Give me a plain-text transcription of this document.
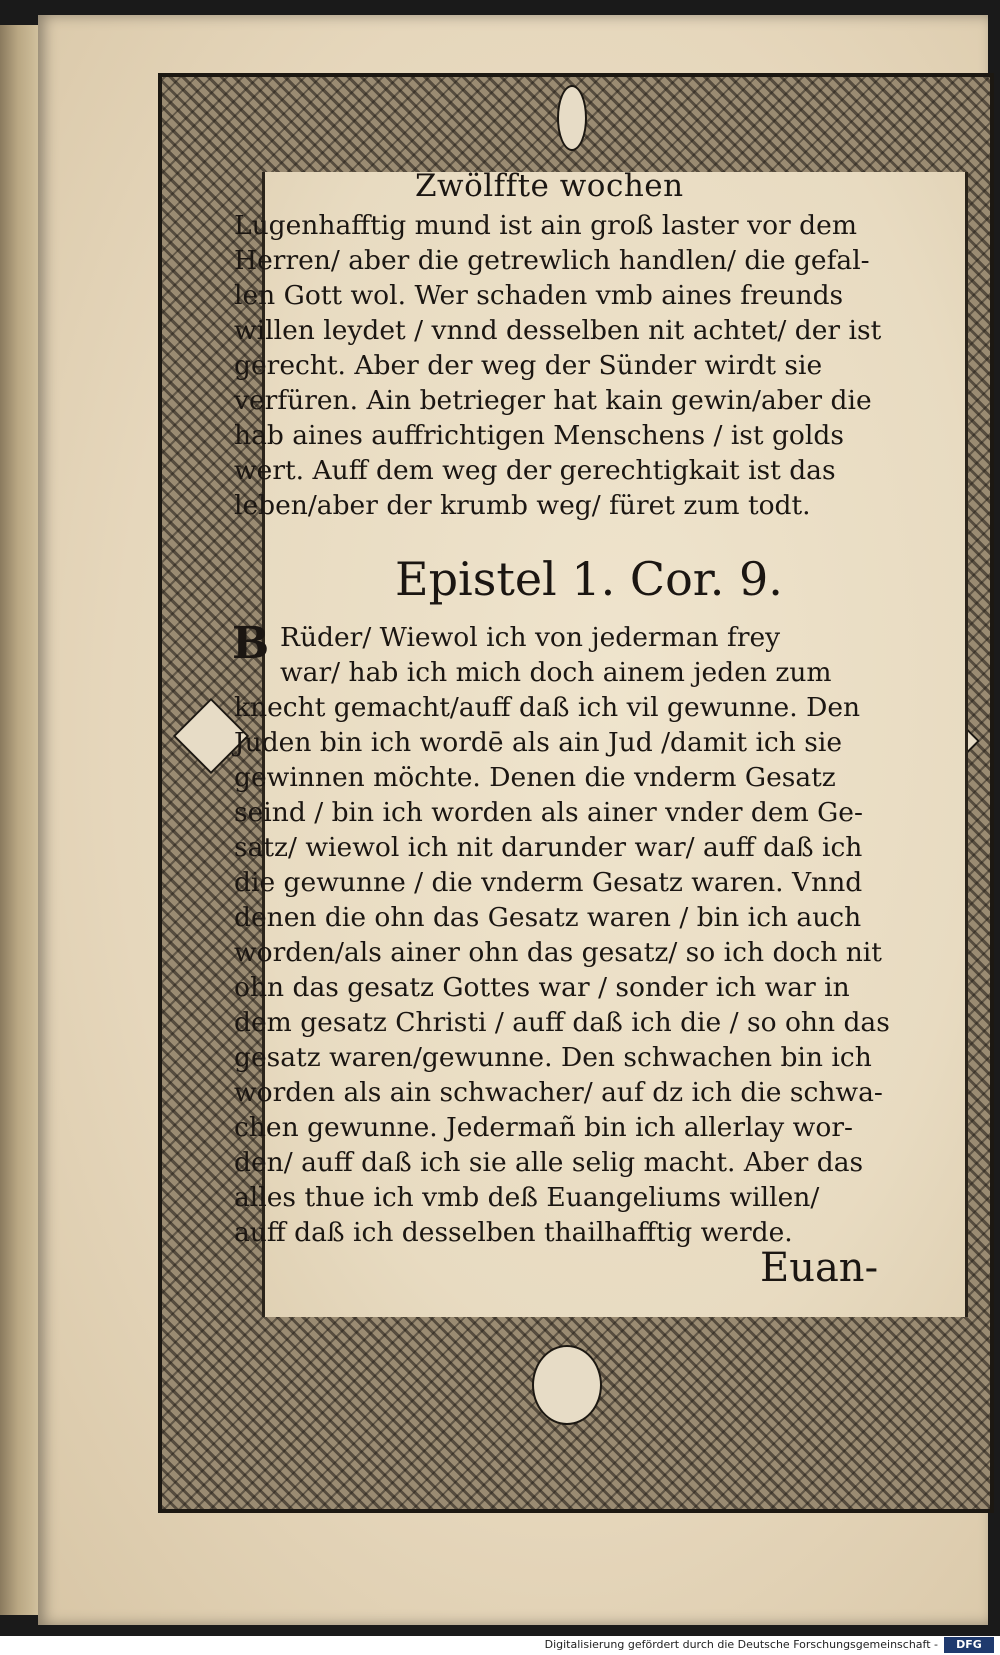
Zwölffte wochen
Lugenhafftig mund ist ain groß laster vor dem
Herren/ aber die getrewlich handlen/ die gefal-
len Gott wol. Wer schaden vmb aines freunds
willen leydet / vnnd desselben nit achtet/ der ist
gerecht. Aber der weg der Sünder wirdt sie
verfüren. Ain betrieger hat kain gewin/aber die
hab aines auffrichtigen Menschens / ist golds
wert. Auff dem weg der gerechtigkait ist das
leben/aber der krumb weg/ füret zum todt.
Epistel 1. Cor. 9.
B Rüder/ Wiewol ich von jederman frey
war/ hab ich mich doch ainem jeden zum
knecht gemacht/auff daß ich vil gewunne. Den
Juden bin ich wordē als ain Jud /damit ich sie
gewinnen möchte. Denen die vnderm Gesatz
seind / bin ich worden als ainer vnder dem Ge-
satz/ wiewol ich nit darunder war/ auff daß ich
die gewunne / die vnderm Gesatz waren. Vnnd
denen die ohn das Gesatz waren / bin ich auch
worden/als ainer ohn das gesatz/ so ich doch nit
ohn das gesatz Gottes war / sonder ich war in
dem gesatz Christi / auff daß ich die / so ohn das
gesatz waren/gewunne. Den schwachen bin ich
worden als ain schwacher/ auf dz ich die schwa-
chen gewunne. Jedermañ bin ich allerlay wor-
den/ auff daß ich sie alle selig macht. Aber das
alles thue ich vmb deß Euangeliums willen/
auff daß ich desselben thailhafftig werde.
Euan-
Digitalisierung gefördert durch die Deutsche Forschungsgemeinschaft -	DFG
